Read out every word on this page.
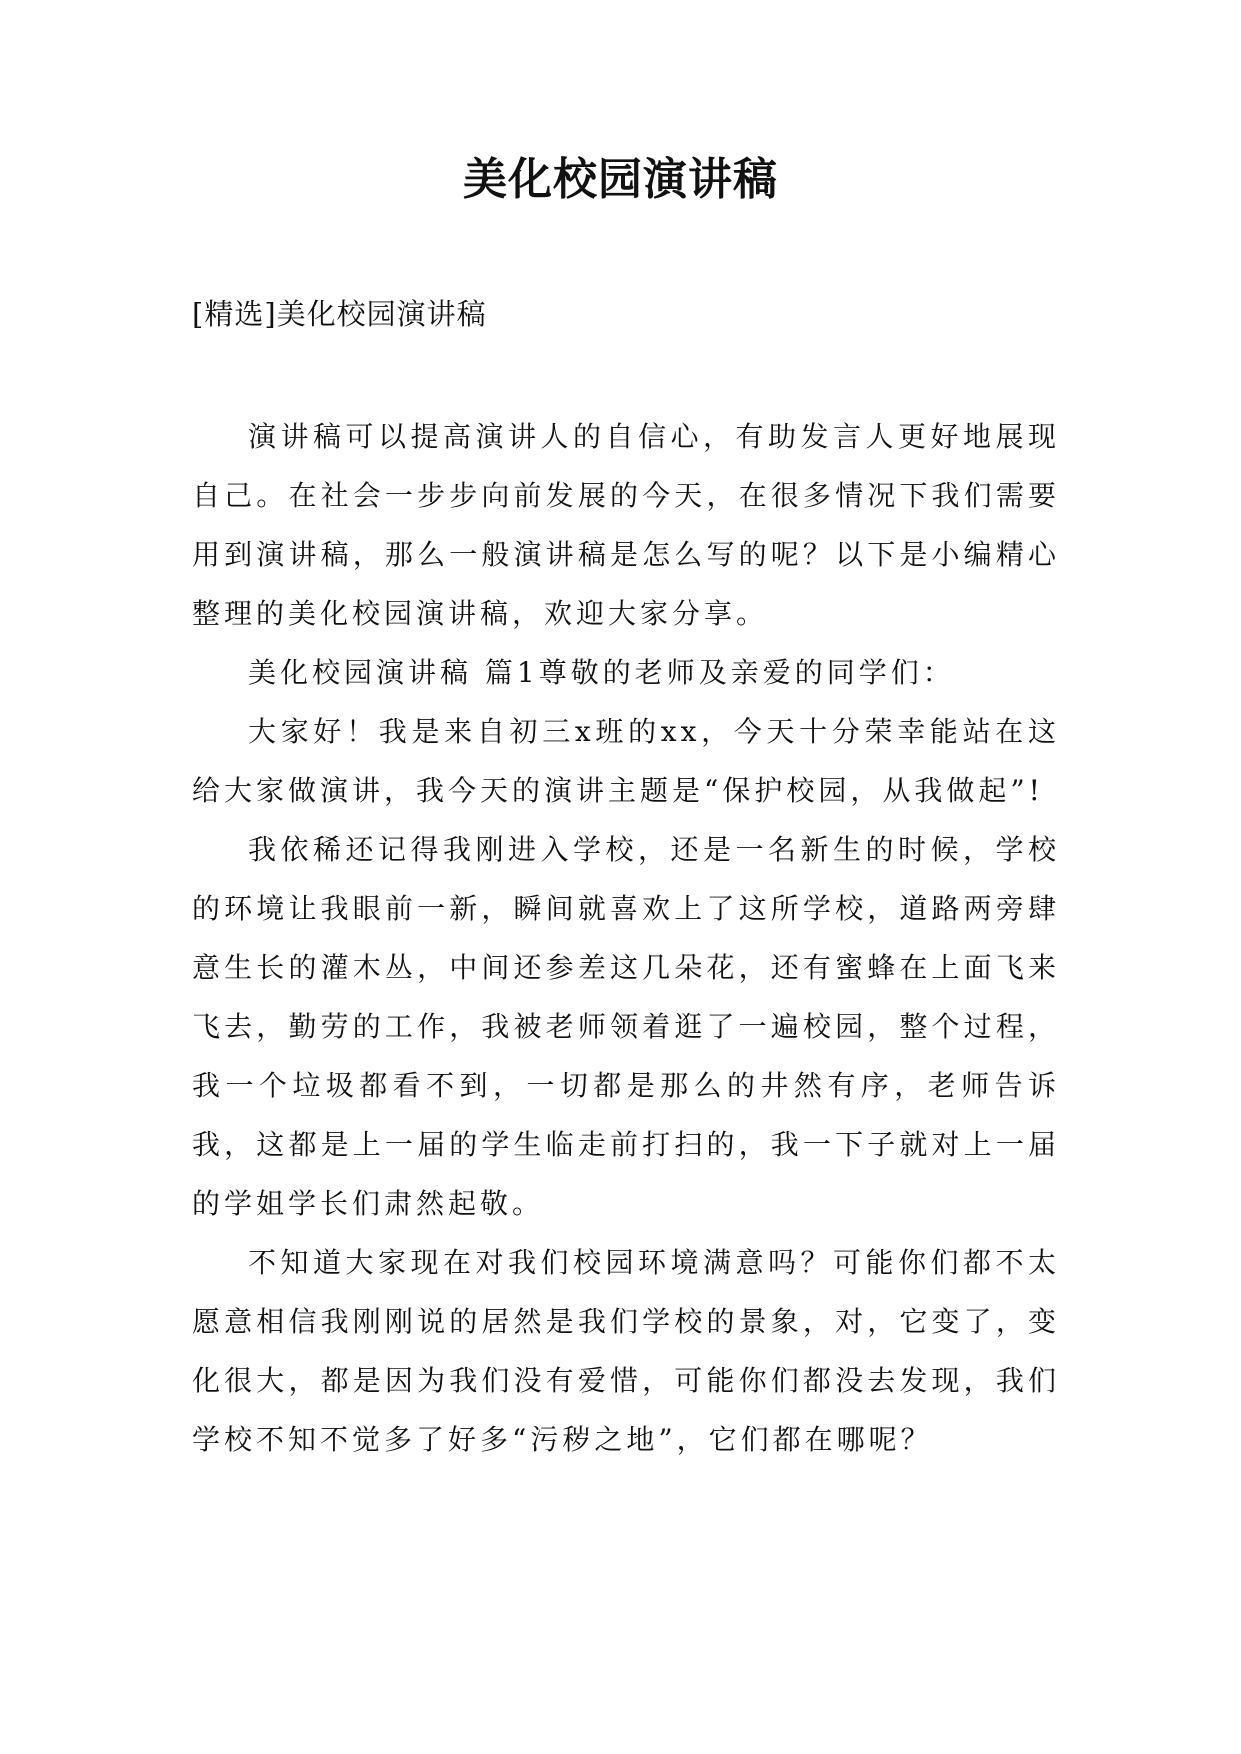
美化校园演讲稿

[精选]美化校园演讲稿

演讲稿可以提高演讲人的自信心，有助发言人更好地展现自己。在社会一步步向前发展的今天，在很多情况下我们需要用到演讲稿，那么一般演讲稿是怎么写的呢？以下是小编精心整理的美化校园演讲稿，欢迎大家分享。

美化校园演讲稿 篇1尊敬的老师及亲爱的同学们：

大家好！我是来自初三x班的xx，今天十分荣幸能站在这给大家做演讲，我今天的演讲主题是“保护校园，从我做起”!

我依稀还记得我刚进入学校，还是一名新生的时候，学校的环境让我眼前一新，瞬间就喜欢上了这所学校，道路两旁肆意生长的灌木丛，中间还参差这几朵花，还有蜜蜂在上面飞来飞去，勤劳的工作，我被老师领着逛了一遍校园，整个过程，我一个垃圾都看不到，一切都是那么的井然有序，老师告诉我，这都是上一届的学生临走前打扫的，我一下子就对上一届的学姐学长们肃然起敬。

不知道大家现在对我们校园环境满意吗？可能你们都不太愿意相信我刚刚说的居然是我们学校的景象，对，它变了，变化很大，都是因为我们没有爱惜，可能你们都没去发现，我们学校不知不觉多了好多“污秽之地”，它们都在哪呢？
